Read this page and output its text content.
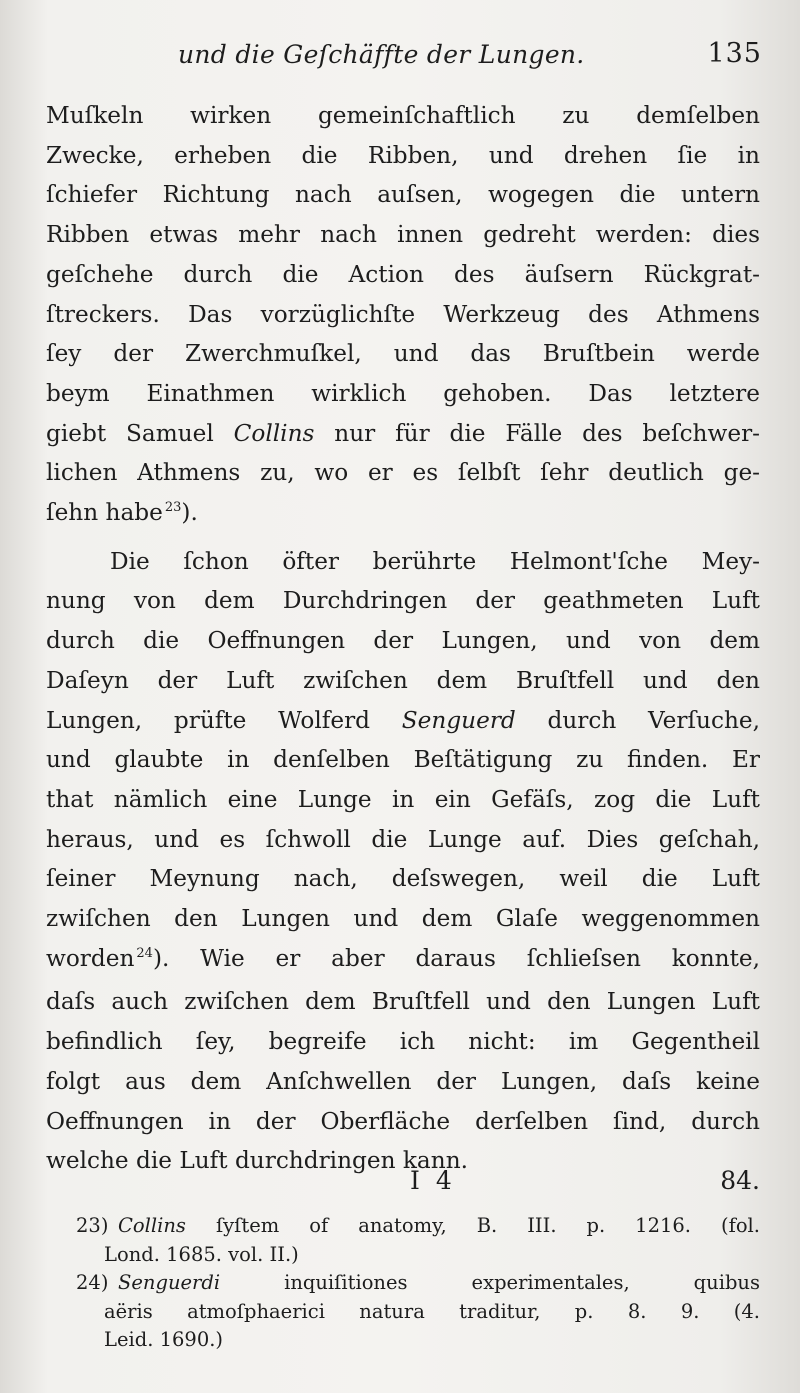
und die Geſchäffte der Lungen.	135
Muſkeln wirken gemeinſchaftlich zu demſelben
Zwecke, erheben die Ribben, und drehen ſie in
ſchiefer Richtung nach auſsen, wogegen die untern
Ribben etwas mehr nach innen gedreht werden: dies
geſchehe durch die Action des äuſsern Rückgrat-
ſtreckers. Das vorzüglichſte Werkzeug des Athmens
ſey der Zwerchmuſkel, und das Bruſtbein werde
beym Einathmen wirklich gehoben. Das letztere
giebt Samuel Collins nur für die Fälle des beſchwer-
lichen Athmens zu, wo er es ſelbſt ſehr deutlich ge-
ſehn habe $^{23}$).
Die ſchon öfter berührte Helmont'ſche Mey-
nung von dem Durchdringen der geathmeten Luft
durch die Oeffnungen der Lungen, und von dem
Daſeyn der Luft zwiſchen dem Bruſtfell und den
Lungen, prüfte Wolferd Senguerd durch Verſuche,
und glaubte in denſelben Beſtätigung zu finden. Er
that nämlich eine Lunge in ein Gefäſs, zog die Luft
heraus, und es ſchwoll die Lunge auf. Dies geſchah,
ſeiner Meynung nach, deſswegen, weil die Luft
zwiſchen den Lungen und dem Glaſe weggenommen
worden $^{24}$). Wie er aber daraus ſchlieſsen konnte,
daſs auch zwiſchen dem Bruſtfell und den Lungen Luft
befindlich ſey, begreife ich nicht: im Gegentheil
folgt aus dem Anſchwellen der Lungen, daſs keine
Oeffnungen in der Oberfläche derſelben ſind, durch
welche die Luft durchdringen kann.
I 4	84.
23) Collins ſyſtem of anatomy, B. III. p. 1216. (fol.
Lond. 1685. vol. II.)
24) Senguerdi	inquiſitiones experimentales, quibus
aëris atmoſphaerici natura traditur, p. 8. 9. (4.
Leid. 1690.)
